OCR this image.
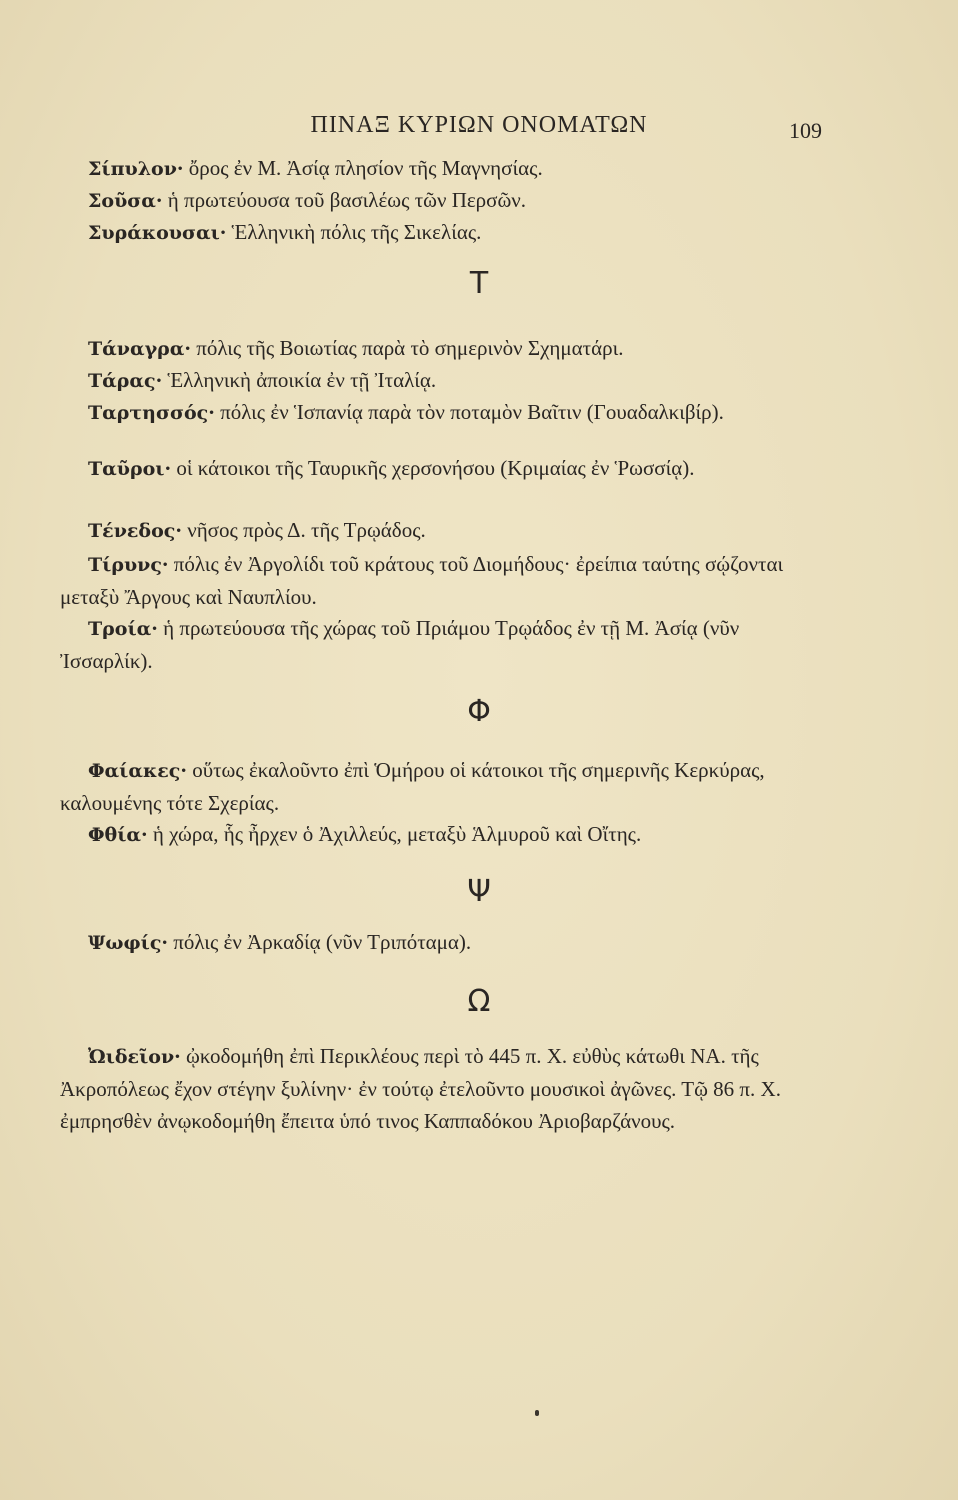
ΠΙΝΑΞ ΚΥΡΙΩΝ ΟΝΟΜΑΤΩΝ	109
Σίπυλον· ὄρος ἐν Μ. Ἀσίᾳ πλησίον τῆς Μαγνησίας.
Σοῦσα· ἡ πρωτεύουσα τοῦ βασιλέως τῶν Περσῶν.
Συράκουσαι· Ἑλληνικὴ πόλις τῆς Σικελίας.
Τ
Τάναγρα· πόλις τῆς Βοιωτίας παρὰ τὸ σημερινὸν Σχηματάρι.
Τάρας· Ἑλληνικὴ ἀποικία ἐν τῇ Ἰταλίᾳ.
Ταρτησσός· πόλις ἐν Ἱσπανίᾳ παρὰ τὸν ποταμὸν Βαῖτιν (Γουαδαλκιβίρ).
Ταῦροι· οἱ κάτοικοι τῆς Ταυρικῆς χερσονήσου (Κριμαίας ἐν Ῥωσσίᾳ).
Τένεδος· νῆσος πρὸς Δ. τῆς Τρῳάδος.
Τίρυνς· πόλις ἐν Ἀργολίδι τοῦ κράτους τοῦ Διομήδους· ἐρείπια ταύτης σῴζονται μεταξὺ Ἄργους καὶ Ναυπλίου.
Τροία· ἡ πρωτεύουσα τῆς χώρας τοῦ Πριάμου Τρῳάδος ἐν τῇ Μ. Ἀσίᾳ (νῦν Ἰσσαρλίκ).
Φ
Φαίακες· οὕτως ἐκαλοῦντο ἐπὶ Ὁμήρου οἱ κάτοικοι τῆς σημερινῆς Κερκύρας, καλουμένης τότε Σχερίας.
Φθία· ἡ χώρα, ἧς ἦρχεν ὁ Ἀχιλλεύς, μεταξὺ Ἁλμυροῦ καὶ Οἴτης.
Ψ
Ψωφίς· πόλις ἐν Ἀρκαδίᾳ (νῦν Τριπόταμα).
Ω
Ὠιδεῖον· ᾠκοδομήθη ἐπὶ Περικλέους περὶ τὸ 445 π. Χ. εὐθὺς κάτωθι ΝΑ. τῆς Ἀκροπόλεως ἔχον στέγην ξυλίνην· ἐν τούτῳ ἐτελοῦντο μουσικοὶ ἀγῶνες. Τῷ 86 π. Χ. ἐμπρησθὲν ἀνῳκοδομήθη ἔπειτα ὑπό τινος Καππαδόκου Ἀριοβαρζάνους.
